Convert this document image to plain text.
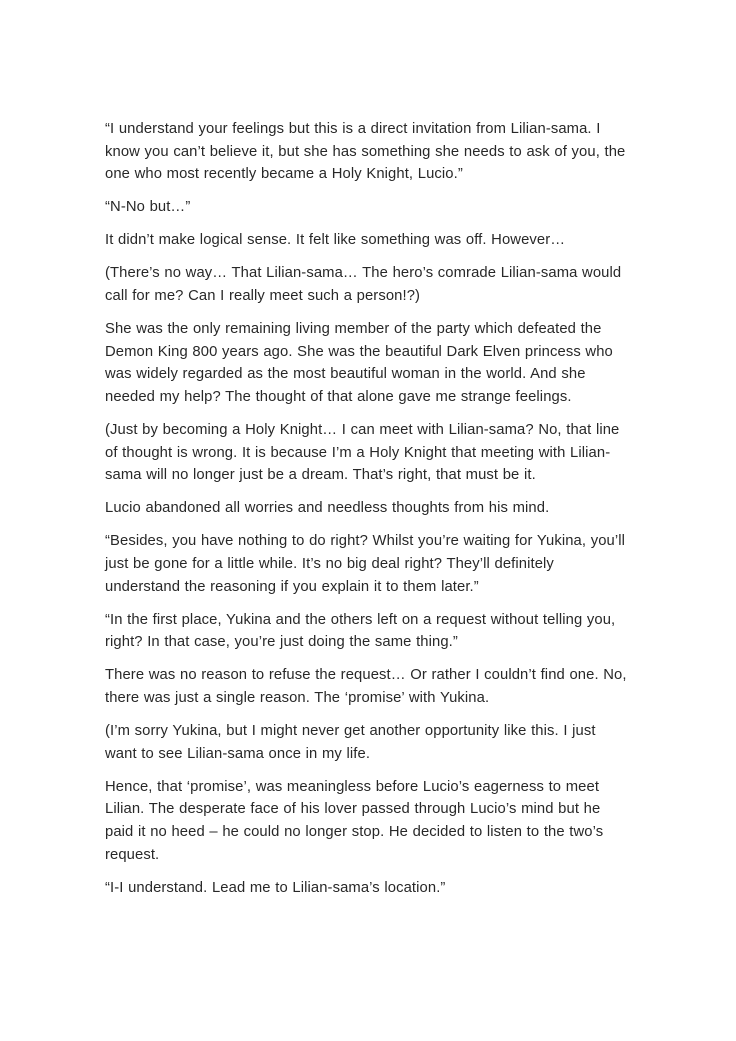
“I understand your feelings but this is a direct invitation from Lilian-sama. I know you can’t believe it, but she has something she needs to ask of you, the one who most recently became a Holy Knight, Lucio.”

“N-No but…”

It didn’t make logical sense. It felt like something was off. However…

(There’s no way… That Lilian-sama… The hero’s comrade Lilian-sama would call for me? Can I really meet such a person!?)

She was the only remaining living member of the party which defeated the Demon King 800 years ago. She was the beautiful Dark Elven princess who was widely regarded as the most beautiful woman in the world. And she needed my help? The thought of that alone gave me strange feelings.

(Just by becoming a Holy Knight… I can meet with Lilian-sama? No, that line of thought is wrong. It is because I’m a Holy Knight that meeting with Lilian-sama will no longer just be a dream. That’s right, that must be it.

Lucio abandoned all worries and needless thoughts from his mind.

“Besides, you have nothing to do right? Whilst you’re waiting for Yukina, you’ll just be gone for a little while. It’s no big deal right? They’ll definitely understand the reasoning if you explain it to them later.”

“In the first place, Yukina and the others left on a request without telling you, right? In that case, you’re just doing the same thing.”

There was no reason to refuse the request… Or rather I couldn’t find one. No, there was just a single reason. The ‘promise’ with Yukina.

(I’m sorry Yukina, but I might never get another opportunity like this. I just want to see Lilian-sama once in my life.

Hence, that ‘promise’, was meaningless before Lucio’s eagerness to meet Lilian. The desperate face of his lover passed through Lucio’s mind but he paid it no heed – he could no longer stop. He decided to listen to the two’s request.

“I-I understand. Lead me to Lilian-sama’s location.”
